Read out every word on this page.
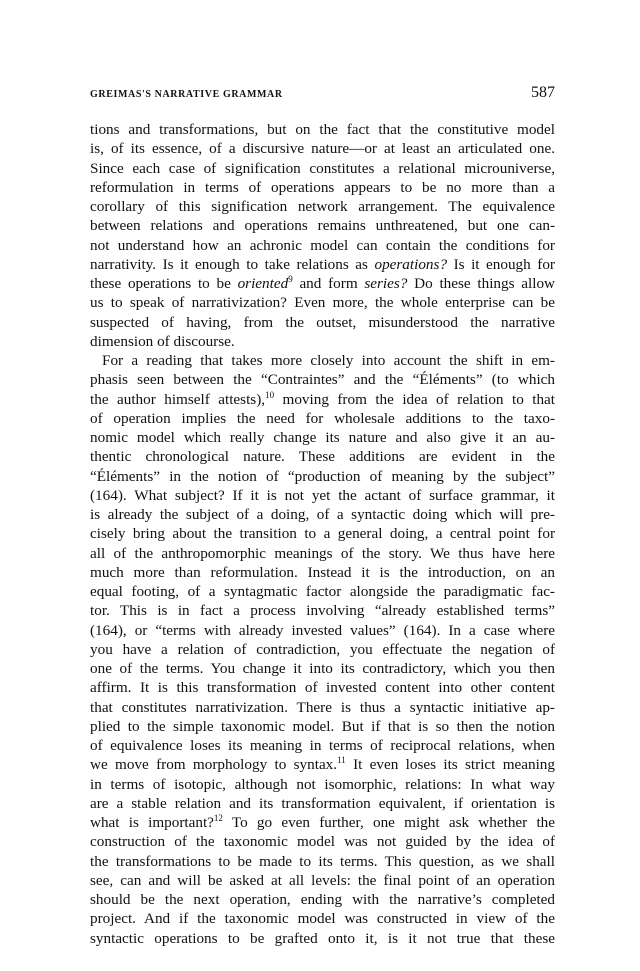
GREIMAS'S NARRATIVE GRAMMAR	587
tions and transformations, but on the fact that the constitutive model
is, of its essence, of a discursive nature—or at least an articulated one.
Since each case of signification constitutes a relational microuniverse,
reformulation in terms of operations appears to be no more than a
corollary of this signification network arrangement. The equivalence
between relations and operations remains unthreatened, but one can-
not understand how an achronic model can contain the conditions for
narrativity. Is it enough to take relations as operations? Is it enough for
these operations to be oriented$^9$ and form series? Do these things allow
us to speak of narrativization? Even more, the whole enterprise can be
suspected of having, from the outset, misunderstood the narrative
dimension of discourse.
For a reading that takes more closely into account the shift in em-
phasis seen between the “Contraintes” and the “Éléments” (to which
the author himself attests),$^{10}$ moving from the idea of relation to that
of operation implies the need for wholesale additions to the taxo-
nomic model which really change its nature and also give it an au-
thentic chronological nature. These additions are evident in the
“Éléments” in the notion of “production of meaning by the subject”
(164). What subject? If it is not yet the actant of surface grammar, it
is already the subject of a doing, of a syntactic doing which will pre-
cisely bring about the transition to a general doing, a central point for
all of the anthropomorphic meanings of the story. We thus have here
much more than reformulation. Instead it is the introduction, on an
equal footing, of a syntagmatic factor alongside the paradigmatic fac-
tor. This is in fact a process involving “already established terms”
(164), or “terms with already invested values” (164). In a case where
you have a relation of contradiction, you effectuate the negation of
one of the terms. You change it into its contradictory, which you then
affirm. It is this transformation of invested content into other content
that constitutes narrativization. There is thus a syntactic initiative ap-
plied to the simple taxonomic model. But if that is so then the notion
of equivalence loses its meaning in terms of reciprocal relations, when
we move from morphology to syntax.$^{11}$ It even loses its strict meaning
in terms of isotopic, although not isomorphic, relations: In what way
are a stable relation and its transformation equivalent, if orientation is
what is important?$^{12}$ To go even further, one might ask whether the
construction of the taxonomic model was not guided by the idea of
the transformations to be made to its terms. This question, as we shall
see, can and will be asked at all levels: the final point of an operation
should be the next operation, ending with the narrative’s completed
project. And if the taxonomic model was constructed in view of the
syntactic operations to be grafted onto it, is it not true that these
